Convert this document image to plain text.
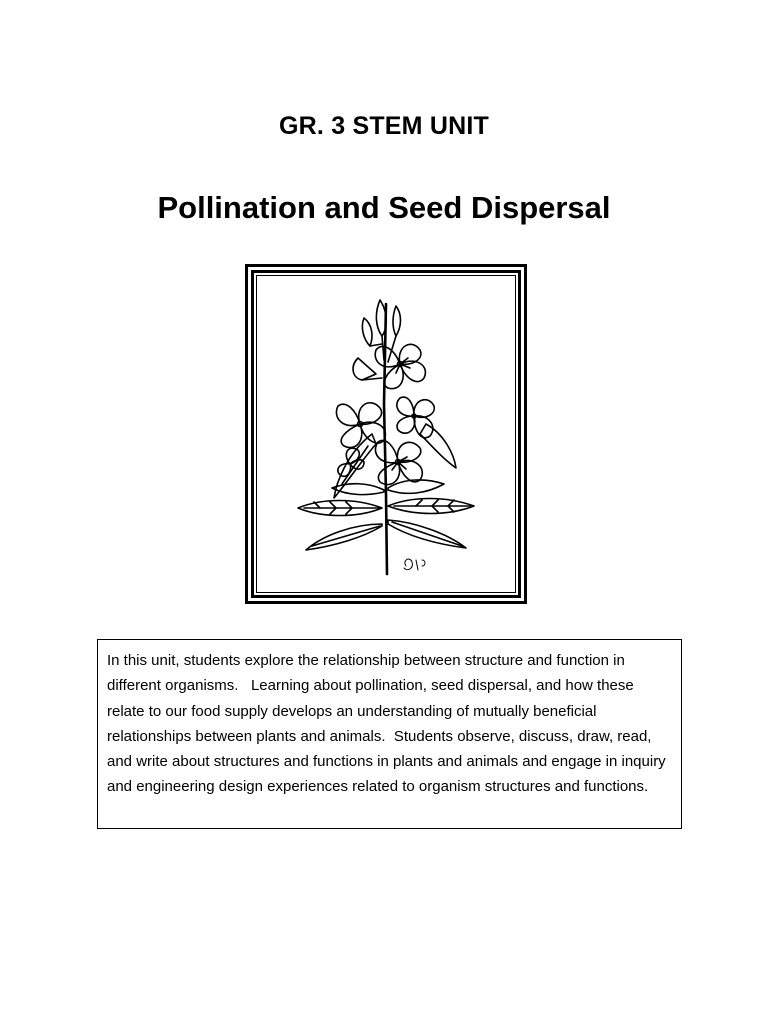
GR. 3 STEM UNIT
Pollination and Seed Dispersal

In this unit, students explore the relationship between structure and function in different organisms.   Learning about pollination, seed dispersal, and how these relate to our food supply develops an understanding of mutually beneficial relationships between plants and animals.  Students observe, discuss, draw, read, and write about structures and functions in plants and animals and engage in inquiry and engineering design experiences related to organism structures and functions.
